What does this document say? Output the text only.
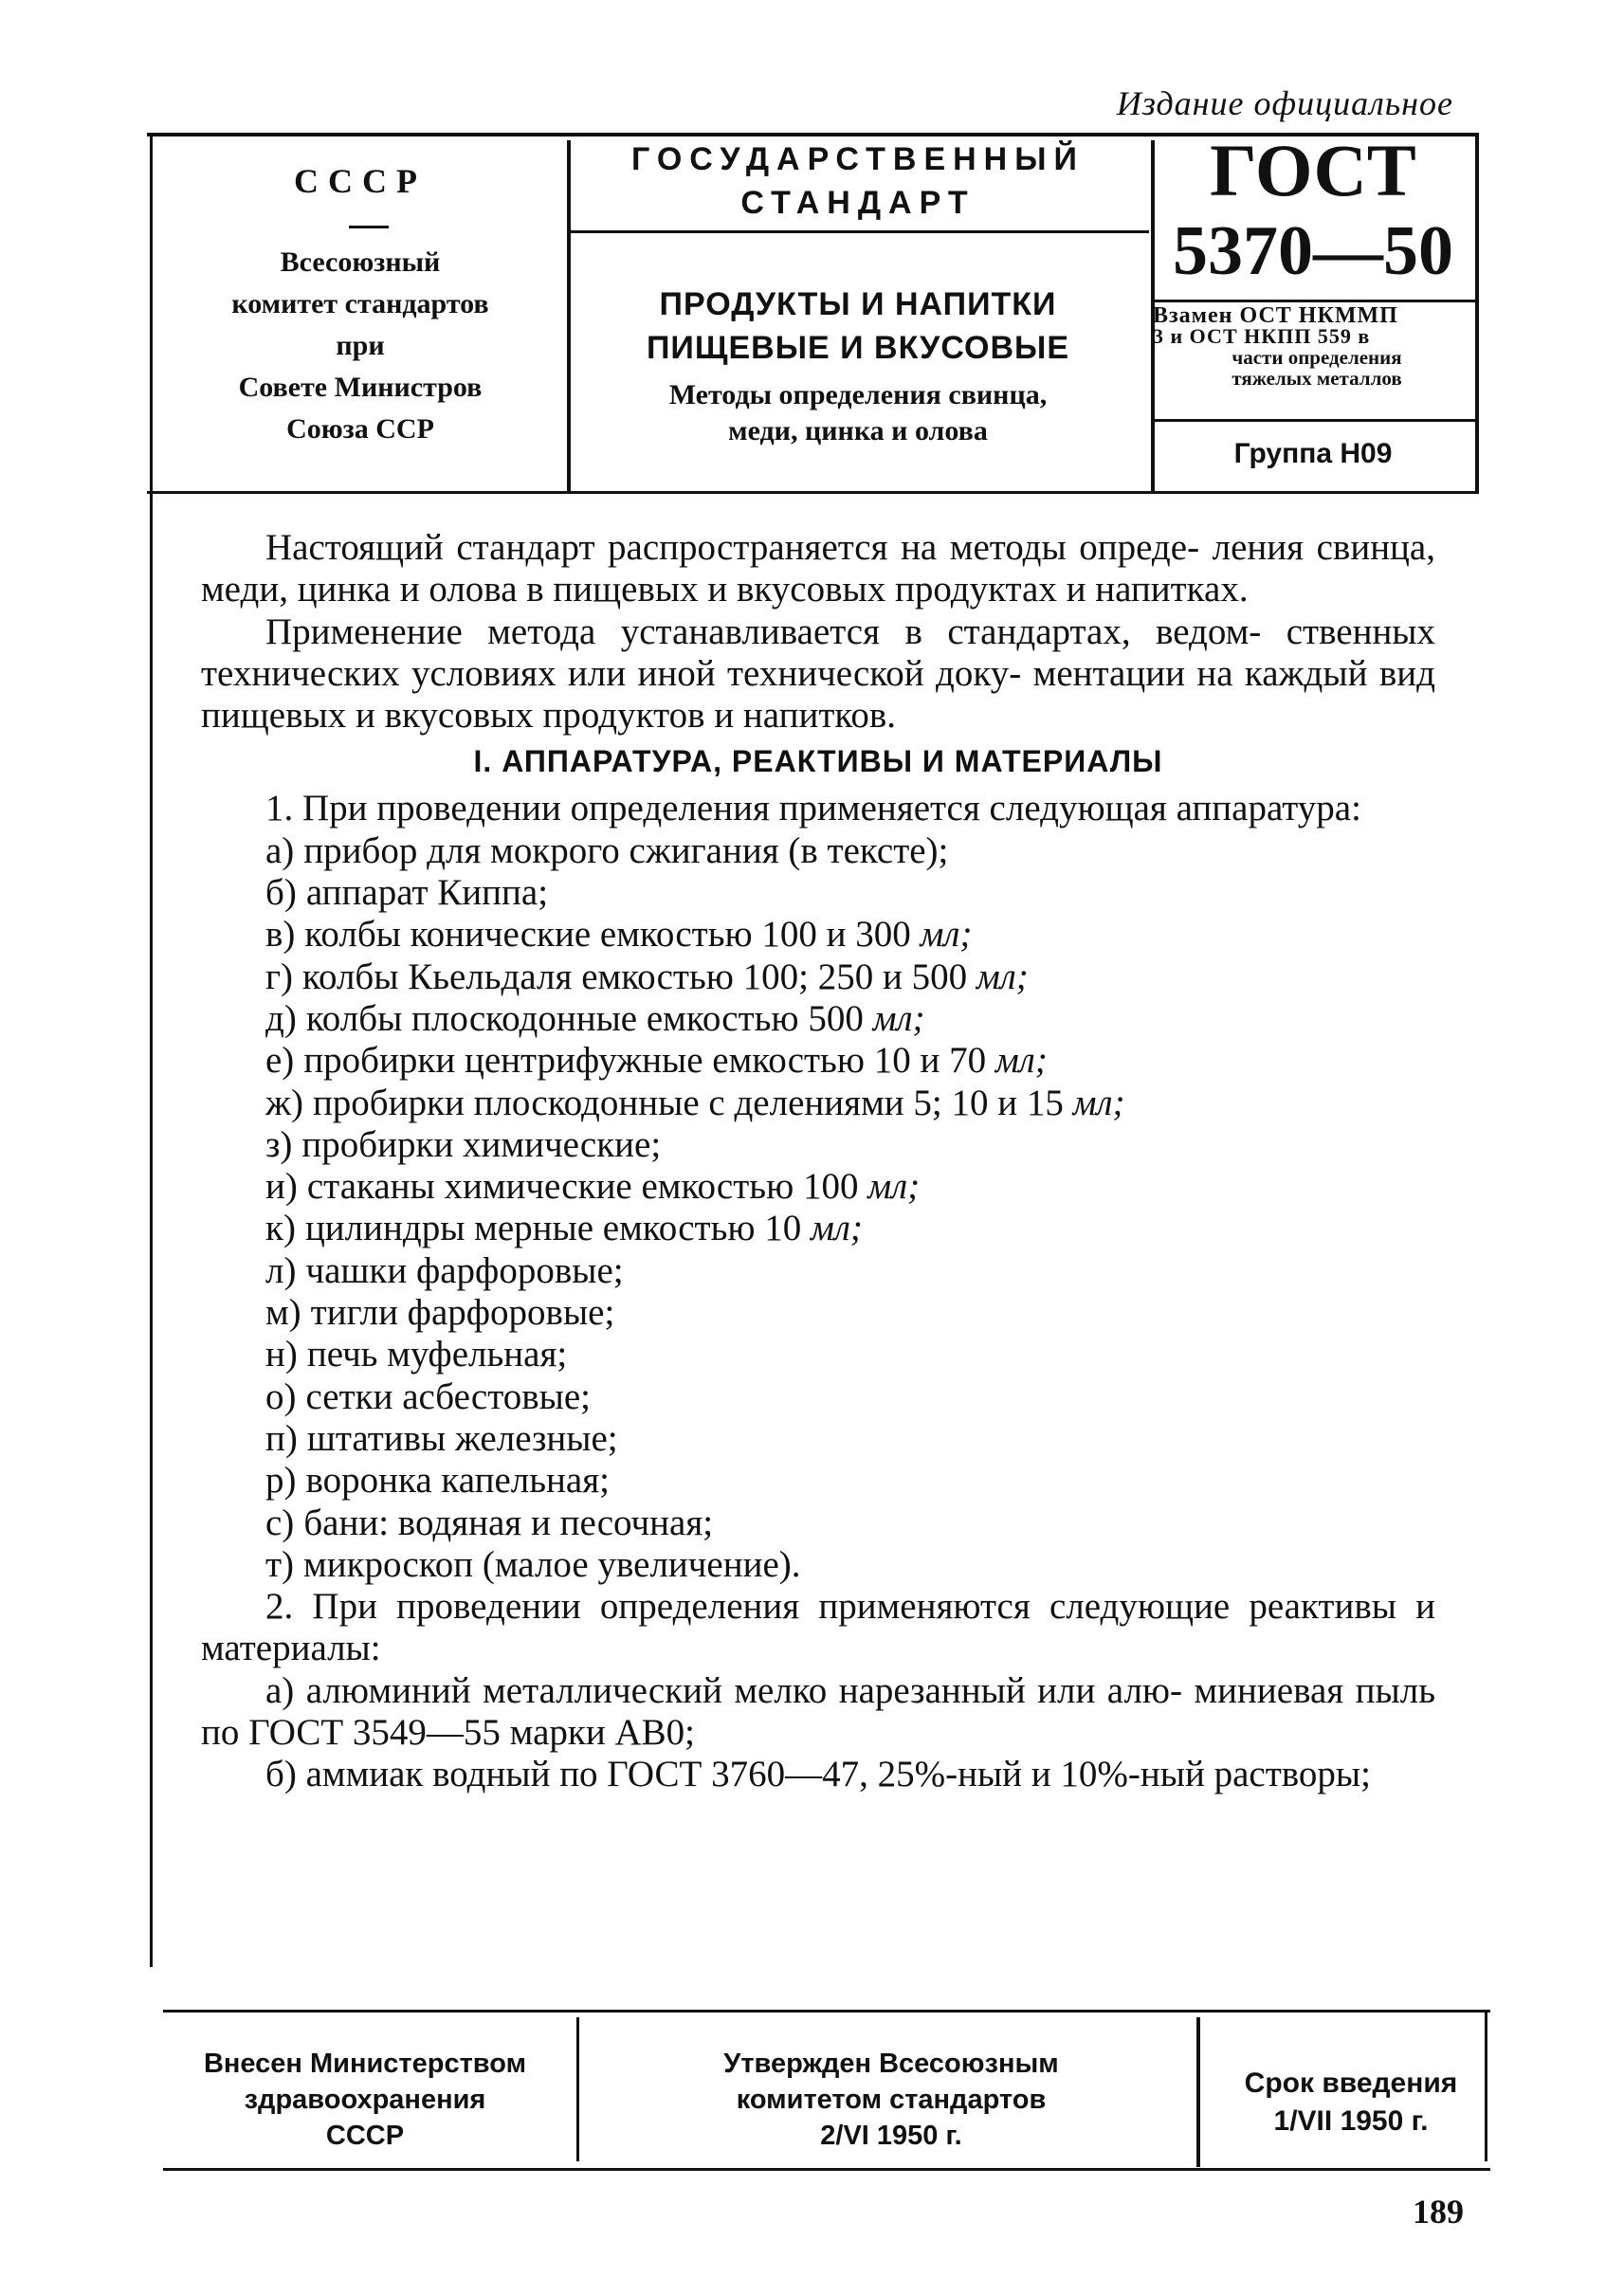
Издание официальное
СССР
Всесоюзный
комитет стандартов
при
Совете Министров
Союза ССР
ГОСУДАРСТВЕННЫЙ
СТАНДАРТ
ПРОДУКТЫ И НАПИТКИ
ПИЩЕВЫЕ И ВКУСОВЫЕ
Методы определения свинца,
меди, цинка и олова
ГОСТ
5370—50
Взамен ОСТ НКММП
3 и ОСТ НКПП 559 в
части определения
тяжелых металлов
Группа Н09

Настоящий стандарт распространяется на методы опреде- ления свинца, меди, цинка и олова в пищевых и вкусовых продуктах и напитках.

Применение метода устанавливается в стандартах, ведом- ственных технических условиях или иной технической доку- ментации на каждый вид пищевых и вкусовых продуктов и напитков.

I. АППАРАТУРА, РЕАКТИВЫ И МАТЕРИАЛЫ

1. При проведении определения применяется следующая аппаратура:

а) прибор для мокрого сжигания (в тексте);
б) аппарат Киппа;
в) колбы конические емкостью 100 и 300 мл;
г) колбы Кьельдаля емкостью 100; 250 и 500 мл;
д) колбы плоскодонные емкостью 500 мл;
е) пробирки центрифужные емкостью 10 и 70 мл;
ж) пробирки плоскодонные с делениями 5; 10 и 15 мл;
з) пробирки химические;
и) стаканы химические емкостью 100 мл;
к) цилиндры мерные емкостью 10 мл;
л) чашки фарфоровые;
м) тигли фарфоровые;
н) печь муфельная;
о) сетки асбестовые;
п) штативы железные;
р) воронка капельная;
с) бани: водяная и песочная;
т) микроскоп (малое увеличение).

2. При проведении определения применяются следующие реактивы и материалы:

а) алюминий металлический мелко нарезанный или алю- миниевая пыль по ГОСТ 3549—55 марки АВ0;

б) аммиак водный по ГОСТ 3760—47, 25%-ный и 10%-ный растворы;

Внесен Министерством
здравоохранения
СССР
Утвержден Всесоюзным
комитетом стандартов
2/VI 1950 г.
Срок введения
1/VII 1950 г.
189
